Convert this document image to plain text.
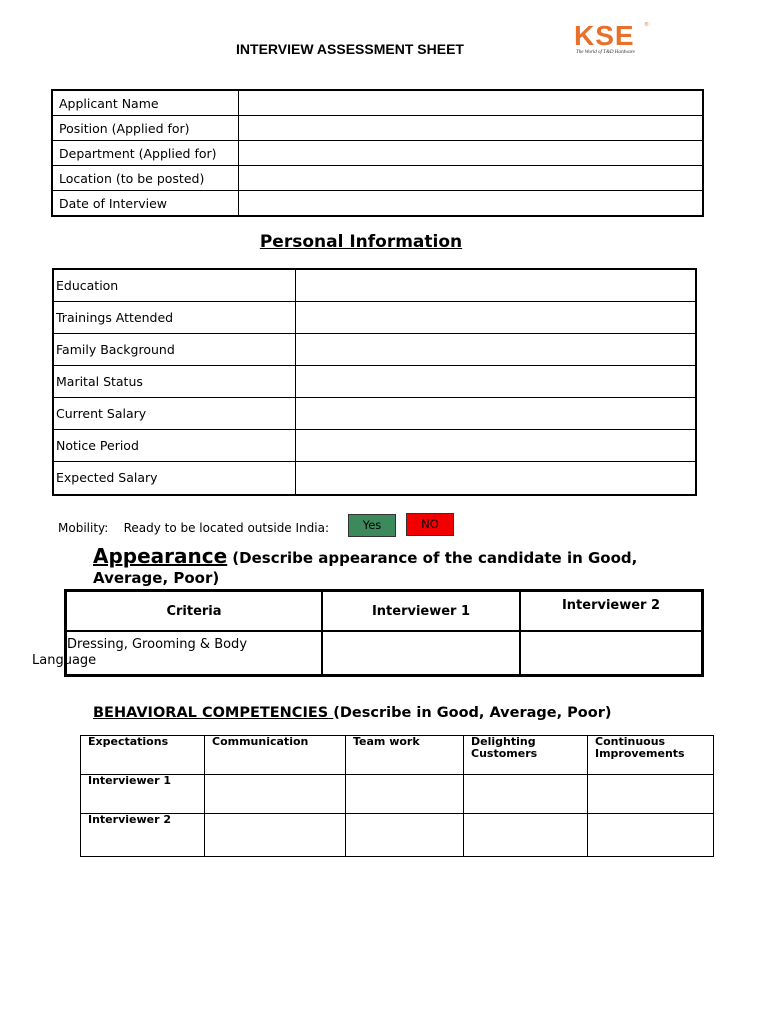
INTERVIEW ASSESSMENT SHEET	KSE
The World of T&D Hardware
®
Applicant Name	
Position (Applied for)	
Department (Applied for)	
Location (to be posted)	
Date of Interview	
Personal Information
Education	
Trainings Attended	
Family Background	
Marital Status	
Current Salary	
Notice Period	
Expected Salary	
Mobility: Ready to be located outside India:	Yes	NO
Appearance (Describe appearance of the candidate in Good, Average, Poor)
Criteria	Interviewer 1	Interviewer 2

Dressing, Grooming & Body
Language		

BEHAVIORAL COMPETENCIES (Describe in Good, Average, Poor)
Expectations	Communication	Team work	Delighting Customers	Continuous Improvements
Interviewer 1				
Interviewer 2				
